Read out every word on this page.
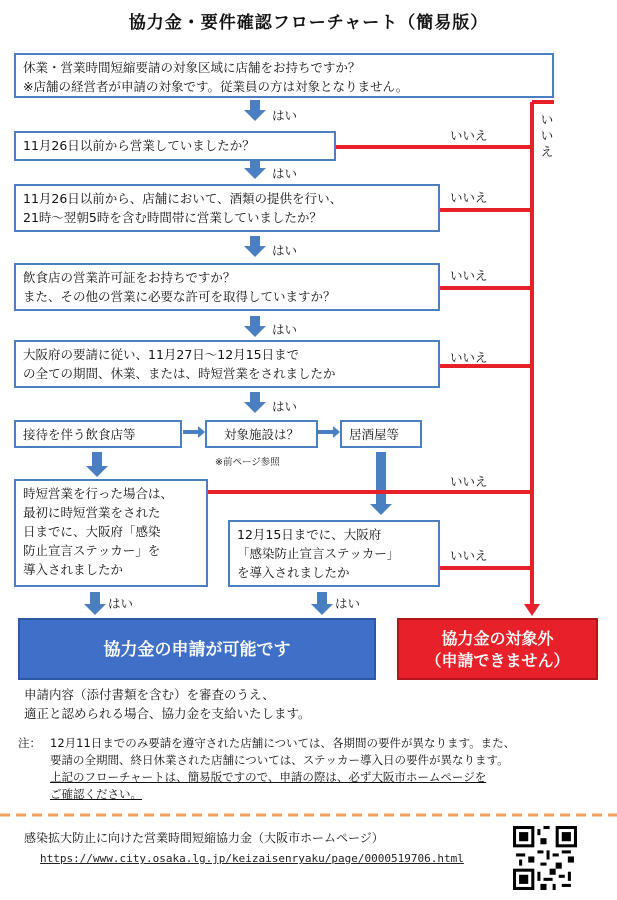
協力金・要件確認フローチャート（簡易版）
休業・営業時間短縮要請の対象区域に店舗をお持ちですか？
※店舗の経営者が申請の対象です。従業員の方は対象となりません。
はい	い
い
え
11月26日以前から営業していましたか？
いいえ
はい
11月26日以前から、店舗において、酒類の提供を行い、
21時～翌朝5時を含む時間帯に営業していましたか？
いいえ
はい
飲食店の営業許可証をお持ちですか？
また、その他の営業に必要な許可を取得していますか？
いいえ
はい
大阪府の要請に従い、11月27日～12月15日まで
の全ての期間、休業、または、時短営業をされましたか
いいえ
はい
接待を伴う飲食店等	対象施設は？	居酒屋等
※前ページ参照
時短営業を行った場合は、
最初に時短営業をされた
日までに、大阪府「感染
防止宣言ステッカー」を
導入されましたか
いいえ
12月15日までに、大阪府
「感染防止宣言ステッカー」
を導入されましたか
いいえ
はい	はい
協力金の申請が可能です
協力金の対象外
（申請できません）
申請内容（添付書類を含む）を審査のうえ、
適正と認められる場合、協力金を支給いたします。
注： 12月11日までのみ要請を遵守された店舗については、各期間の要件が異なります。また、
要請の全期間、終日休業された店舗については、ステッカー導入日の要件が異なります。
上記のフローチャートは、簡易版ですので、申請の際は、必ず大阪市ホームページを
ご確認ください。
感染拡大防止に向けた営業時間短縮協力金（大阪市ホームページ）
https://www.city.osaka.lg.jp/keizaisenryaku/page/0000519706.html
